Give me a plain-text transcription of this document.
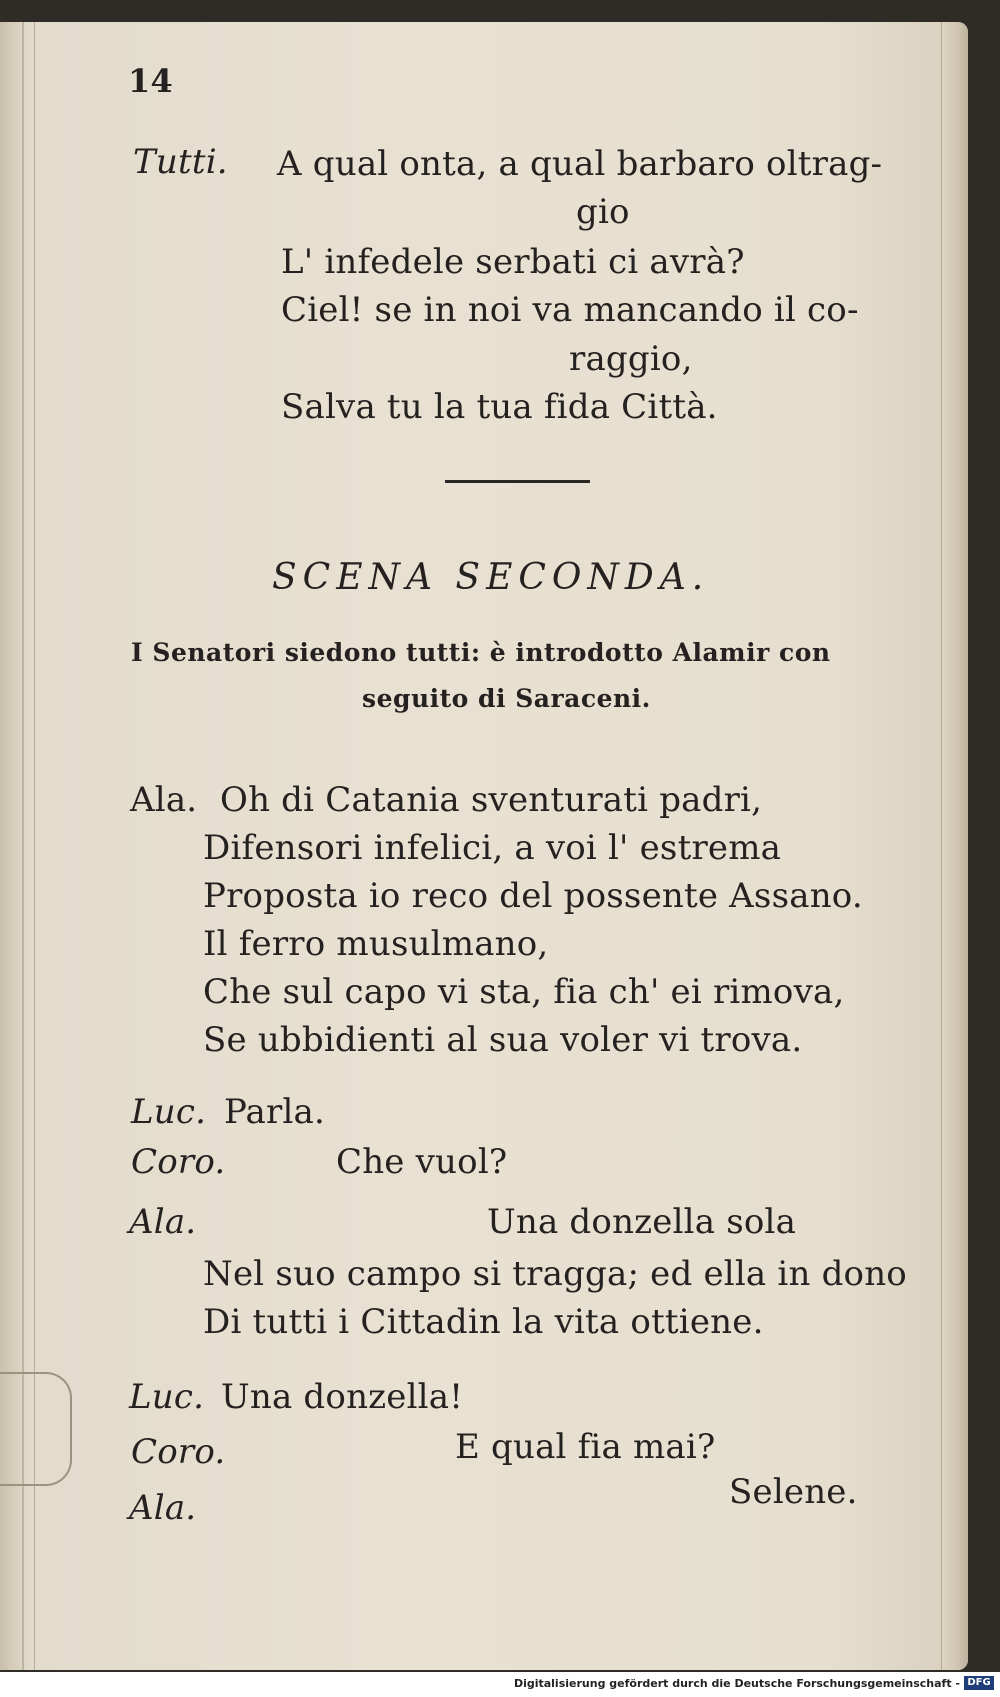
14
Tutti. A qual onta, a qual barbaro oltrag-
gio
L' infedele serbati ci avrà?
Ciel! se in noi va mancando il co-
raggio,
Salva tu la tua fida Città.
SCENA SECONDA.
I Senatori siedono tutti: è introdotto Alamir con
seguito di Saraceni.
Ala. Oh di Catania sventurati padri,
Difensori infelici, a voi l' estrema
Proposta io reco del possente Assano.
Il ferro musulmano,
Che sul capo vi sta, fia ch' ei rimova,
Se ubbidienti al sua voler vi trova.
Luc. Parla.
Coro.	Che vuol?
Ala.	Una donzella sola
Nel suo campo si tragga; ed ella in dono
Di tutti i Cittadin la vita ottiene.
Luc. Una donzella!
Coro.	E qual fia mai?
Ala.	Selene.
Digitalisierung gefördert durch die Deutsche Forschungsgemeinschaft - DFG
